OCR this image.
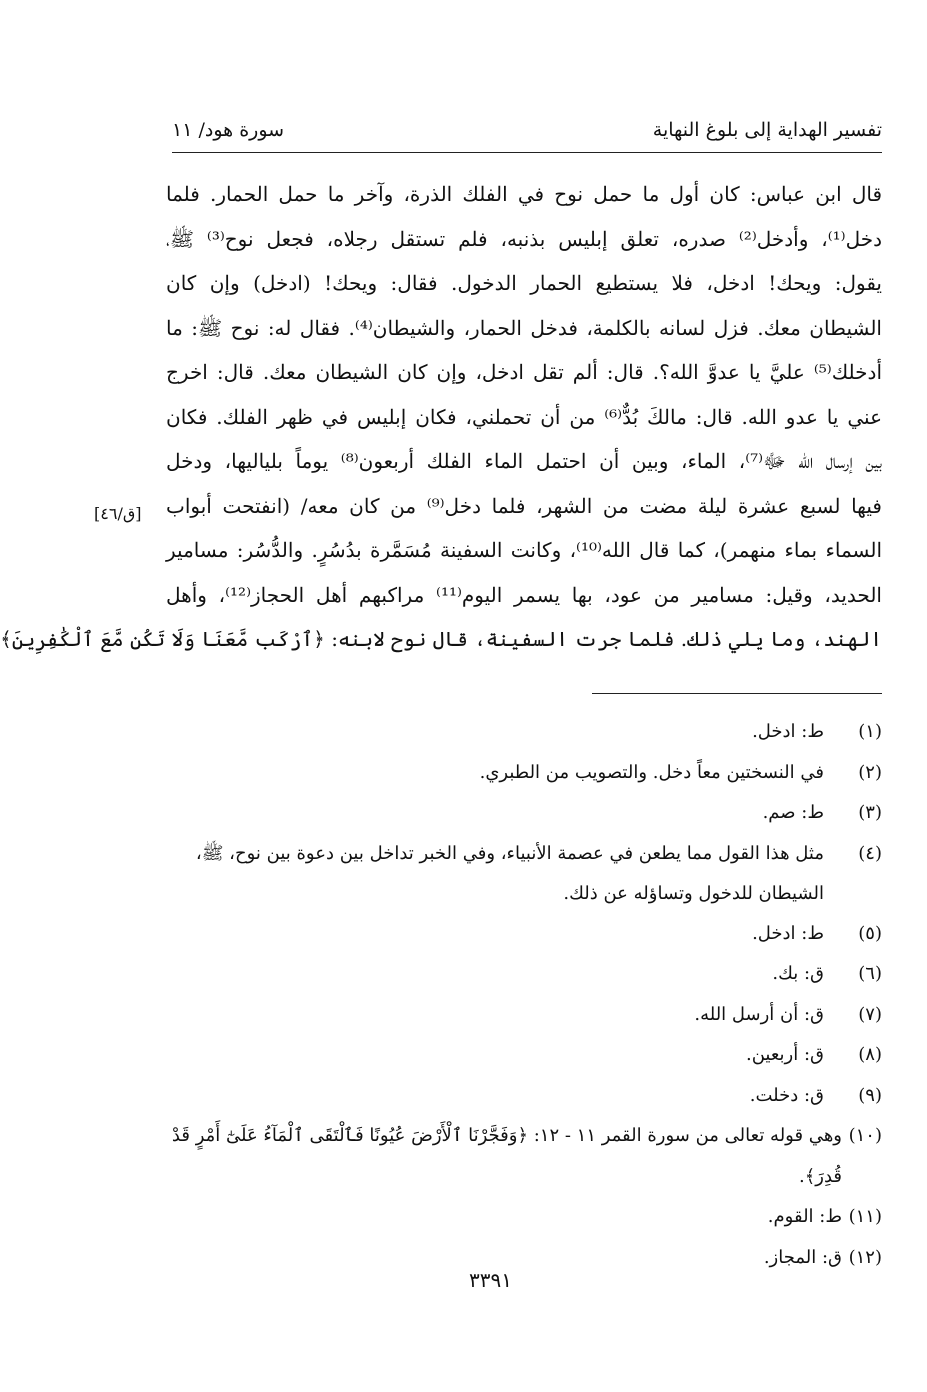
تفسير الهداية إلى بلوغ النهاية
سورة هود/ ١١
قال ابن عباس: كان أول ما حمل نوح في الفلك الذرة، وآخر ما حمل الحمار. فلما
دخل⁽¹⁾، وأدخل⁽²⁾ صدره، تعلق إبليس بذنبه، فلم تستقل رجلاه، فجعل نوح⁽³⁾ ﷺ،
يقول: ويحك! ادخل، فلا يستطيع الحمار الدخول. فقال: ويحك! (ادخل) وإن كان
الشيطان معك. فزل لسانه بالكلمة، فدخل الحمار، والشيطان⁽⁴⁾. فقال له: نوح ﷺ: ما
أدخلك⁽⁵⁾ عليَّ يا عدوَّ الله؟. قال: ألم تقل ادخل، وإن كان الشيطان معك. قال: اخرج
عني يا عدو الله. قال: مالكَ بُدٌّ⁽⁶⁾ من أن تحملني، فكان إبليس في ظهر الفلك. فكان
بين إرسال الله ﷻ⁽⁷⁾، الماء، وبين أن احتمل الماء الفلك أربعون⁽⁸⁾ يوماً بلياليها، ودخل
فيها لسبع عشرة ليلة مضت من الشهر، فلما دخل⁽⁹⁾ من كان معه/ (انفتحت أبواب
السماء بماء منهمر)، كما قال الله⁽¹⁰⁾، وكانت السفينة مُسَمَّرة بدُسُرٍ. والدُّسُر: مسامير
الحديد، وقيل: مسامير من عود، بها يسمر اليوم⁽¹¹⁾ مراكبهم أهل الحجاز⁽¹²⁾، وأهل
الهند، وما يلي ذلك. فلما جرت السفينة، قال نوح لابنه: ﴿ٱرْكَب مَّعَنَا وَلَا تَكُن مَّعَ ٱلْكَٰفِرِينَ﴾
[ق/٤٦]
(١)
ط: ادخل.
(٢)
في النسختين معاً دخل. والتصويب من الطبري.
(٣)
ط: صم.
(٤)
مثل هذا القول مما يطعن في عصمة الأنبياء، وفي الخبر تداخل بين دعوة بين نوح، ﷺ، الشيطان للدخول وتساؤله عن ذلك.
(٥)
ط: ادخل.
(٦)
ق: بك.
(٧)
ق: أن أرسل الله.
(٨)
ق: أربعين.
(٩)
ق: دخلت.
(١٠)
وهي قوله تعالى من سورة القمر ١١ - ١٢: ﴿وَفَجَّرْنَا ٱلْأَرْضَ عُيُونًا فَٱلْتَقَى ٱلْمَآءُ عَلَىٰٓ أَمْرٍ قَدْ قُدِرَ﴾.
(١١)
ط: القوم.
(١٢)
ق: المجاز.
٣٣٩١
